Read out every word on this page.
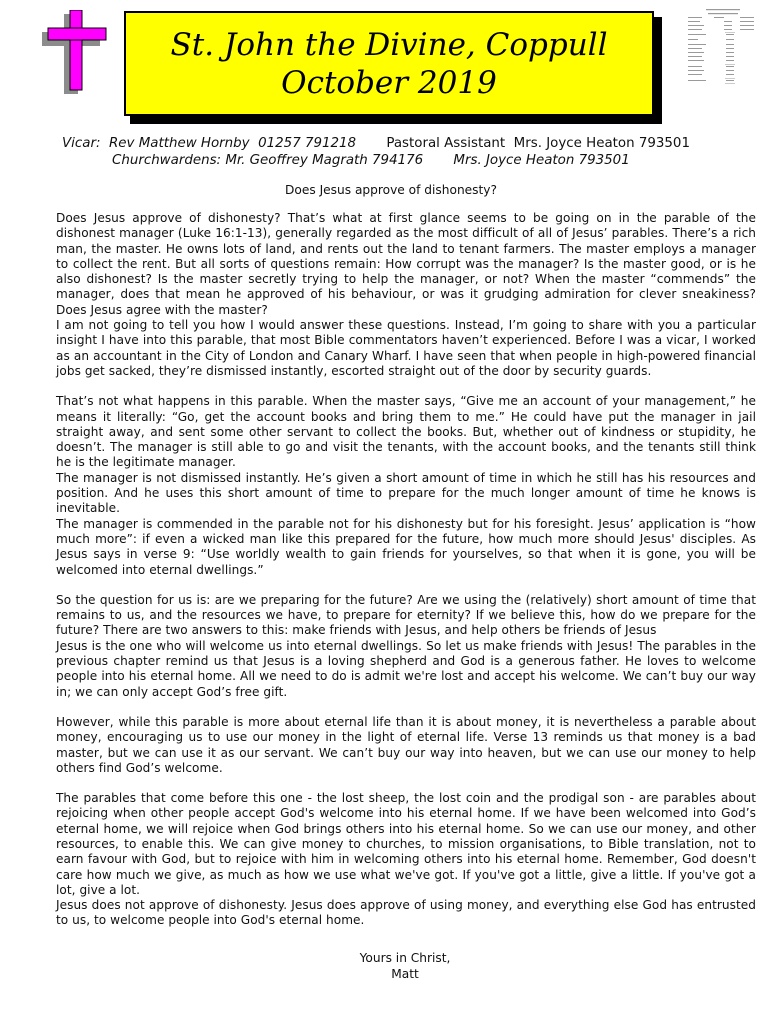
St. John the Divine, Coppull
October 2019
Vicar: Rev Matthew Hornby 01257 791218 Pastoral Assistant Mrs. Joyce Heaton 793501
Churchwardens: Mr. Geoffrey Magrath 794176 Mrs. Joyce Heaton 793501
Does Jesus approve of dishonesty?

Does Jesus approve of dishonesty? That’s what at first glance seems to be going on in the parable of the dishonest manager (Luke 16:1-13), generally regarded as the most difficult of all of Jesus’ parables. There’s a rich man, the master. He owns lots of land, and rents out the land to tenant farmers. The master employs a manager to collect the rent. But all sorts of questions remain: How corrupt was the manager? Is the master good, or is he also dishonest? Is the master secretly trying to help the manager, or not? When the master “commends” the manager, does that mean he approved of his behaviour, or was it grudging admiration for clever sneakiness? Does Jesus agree with the master?

I am not going to tell you how I would answer these questions. Instead, I’m going to share with you a particular insight I have into this parable, that most Bible commentators haven’t experienced. Before I was a vicar, I worked as an accountant in the City of London and Canary Wharf. I have seen that when people in high-powered financial jobs get sacked, they’re dismissed instantly, escorted straight out of the door by security guards.

That’s not what happens in this parable. When the master says, “Give me an account of your management,” he means it literally: “Go, get the account books and bring them to me.” He could have put the manager in jail straight away, and sent some other servant to collect the books. But, whether out of kindness or stupidity, he doesn’t. The manager is still able to go and visit the tenants, with the account books, and the tenants still think he is the legitimate manager.

The manager is not dismissed instantly. He’s given a short amount of time in which he still has his resources and position. And he uses this short amount of time to prepare for the much longer amount of time he knows is inevitable.

The manager is commended in the parable not for his dishonesty but for his foresight. Jesus’ application is “how much more”: if even a wicked man like this prepared for the future, how much more should Jesus' disciples. As Jesus says in verse 9: “Use worldly wealth to gain friends for yourselves, so that when it is gone, you will be welcomed into eternal dwellings.”

So the question for us is: are we preparing for the future? Are we using the (relatively) short amount of time that remains to us, and the resources we have, to prepare for eternity? If we believe this, how do we prepare for the future? There are two answers to this: make friends with Jesus, and help others be friends of Jesus

Jesus is the one who will welcome us into eternal dwellings. So let us make friends with Jesus! The parables in the previous chapter remind us that Jesus is a loving shepherd and God is a generous father. He loves to welcome people into his eternal home. All we need to do is admit we're lost and accept his welcome. We can’t buy our way in; we can only accept God’s free gift.

However, while this parable is more about eternal life than it is about money, it is nevertheless a parable about money, encouraging us to use our money in the light of eternal life. Verse 13 reminds us that money is a bad master, but we can use it as our servant. We can’t buy our way into heaven, but we can use our money to help others find God’s welcome.

The parables that come before this one - the lost sheep, the lost coin and the prodigal son - are parables about rejoicing when other people accept God's welcome into his eternal home. If we have been welcomed into God’s eternal home, we will rejoice when God brings others into his eternal home. So we can use our money, and other resources, to enable this. We can give money to churches, to mission organisations, to Bible translation, not to earn favour with God, but to rejoice with him in welcoming others into his eternal home. Remember, God doesn't care how much we give, as much as how we use what we've got. If you've got a little, give a little. If you've got a lot, give a lot.

Jesus does not approve of dishonesty. Jesus does approve of using money, and everything else God has entrusted to us, to welcome people into God's eternal home.

Yours in Christ,
Matt
